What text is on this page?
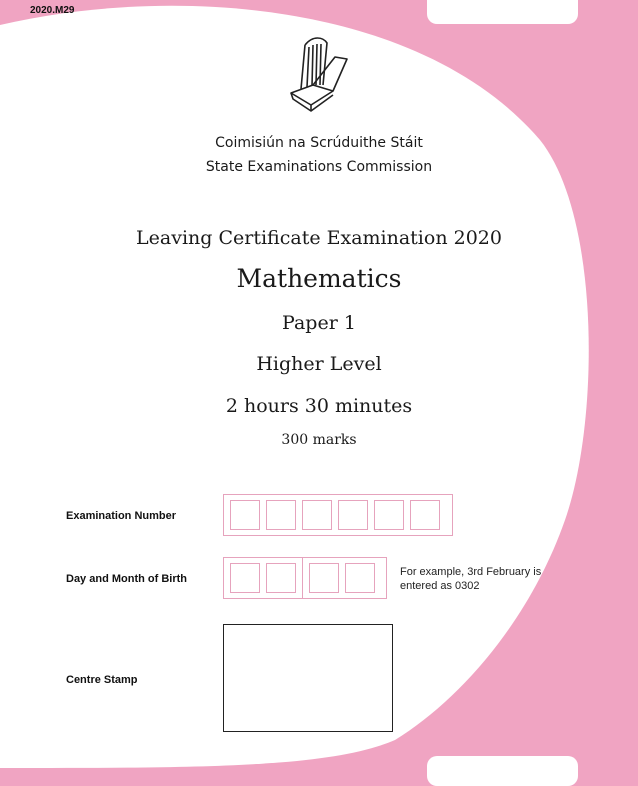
2020.M29
Coimisiún na Scrúduithe Stáit
State Examinations Commission
Leaving Certificate Examination 2020
Mathematics
Paper 1
Higher Level
2 hours 30 minutes
300 marks
Examination Number
Day and Month of Birth
For example, 3rd February is entered as 0302
Centre Stamp
